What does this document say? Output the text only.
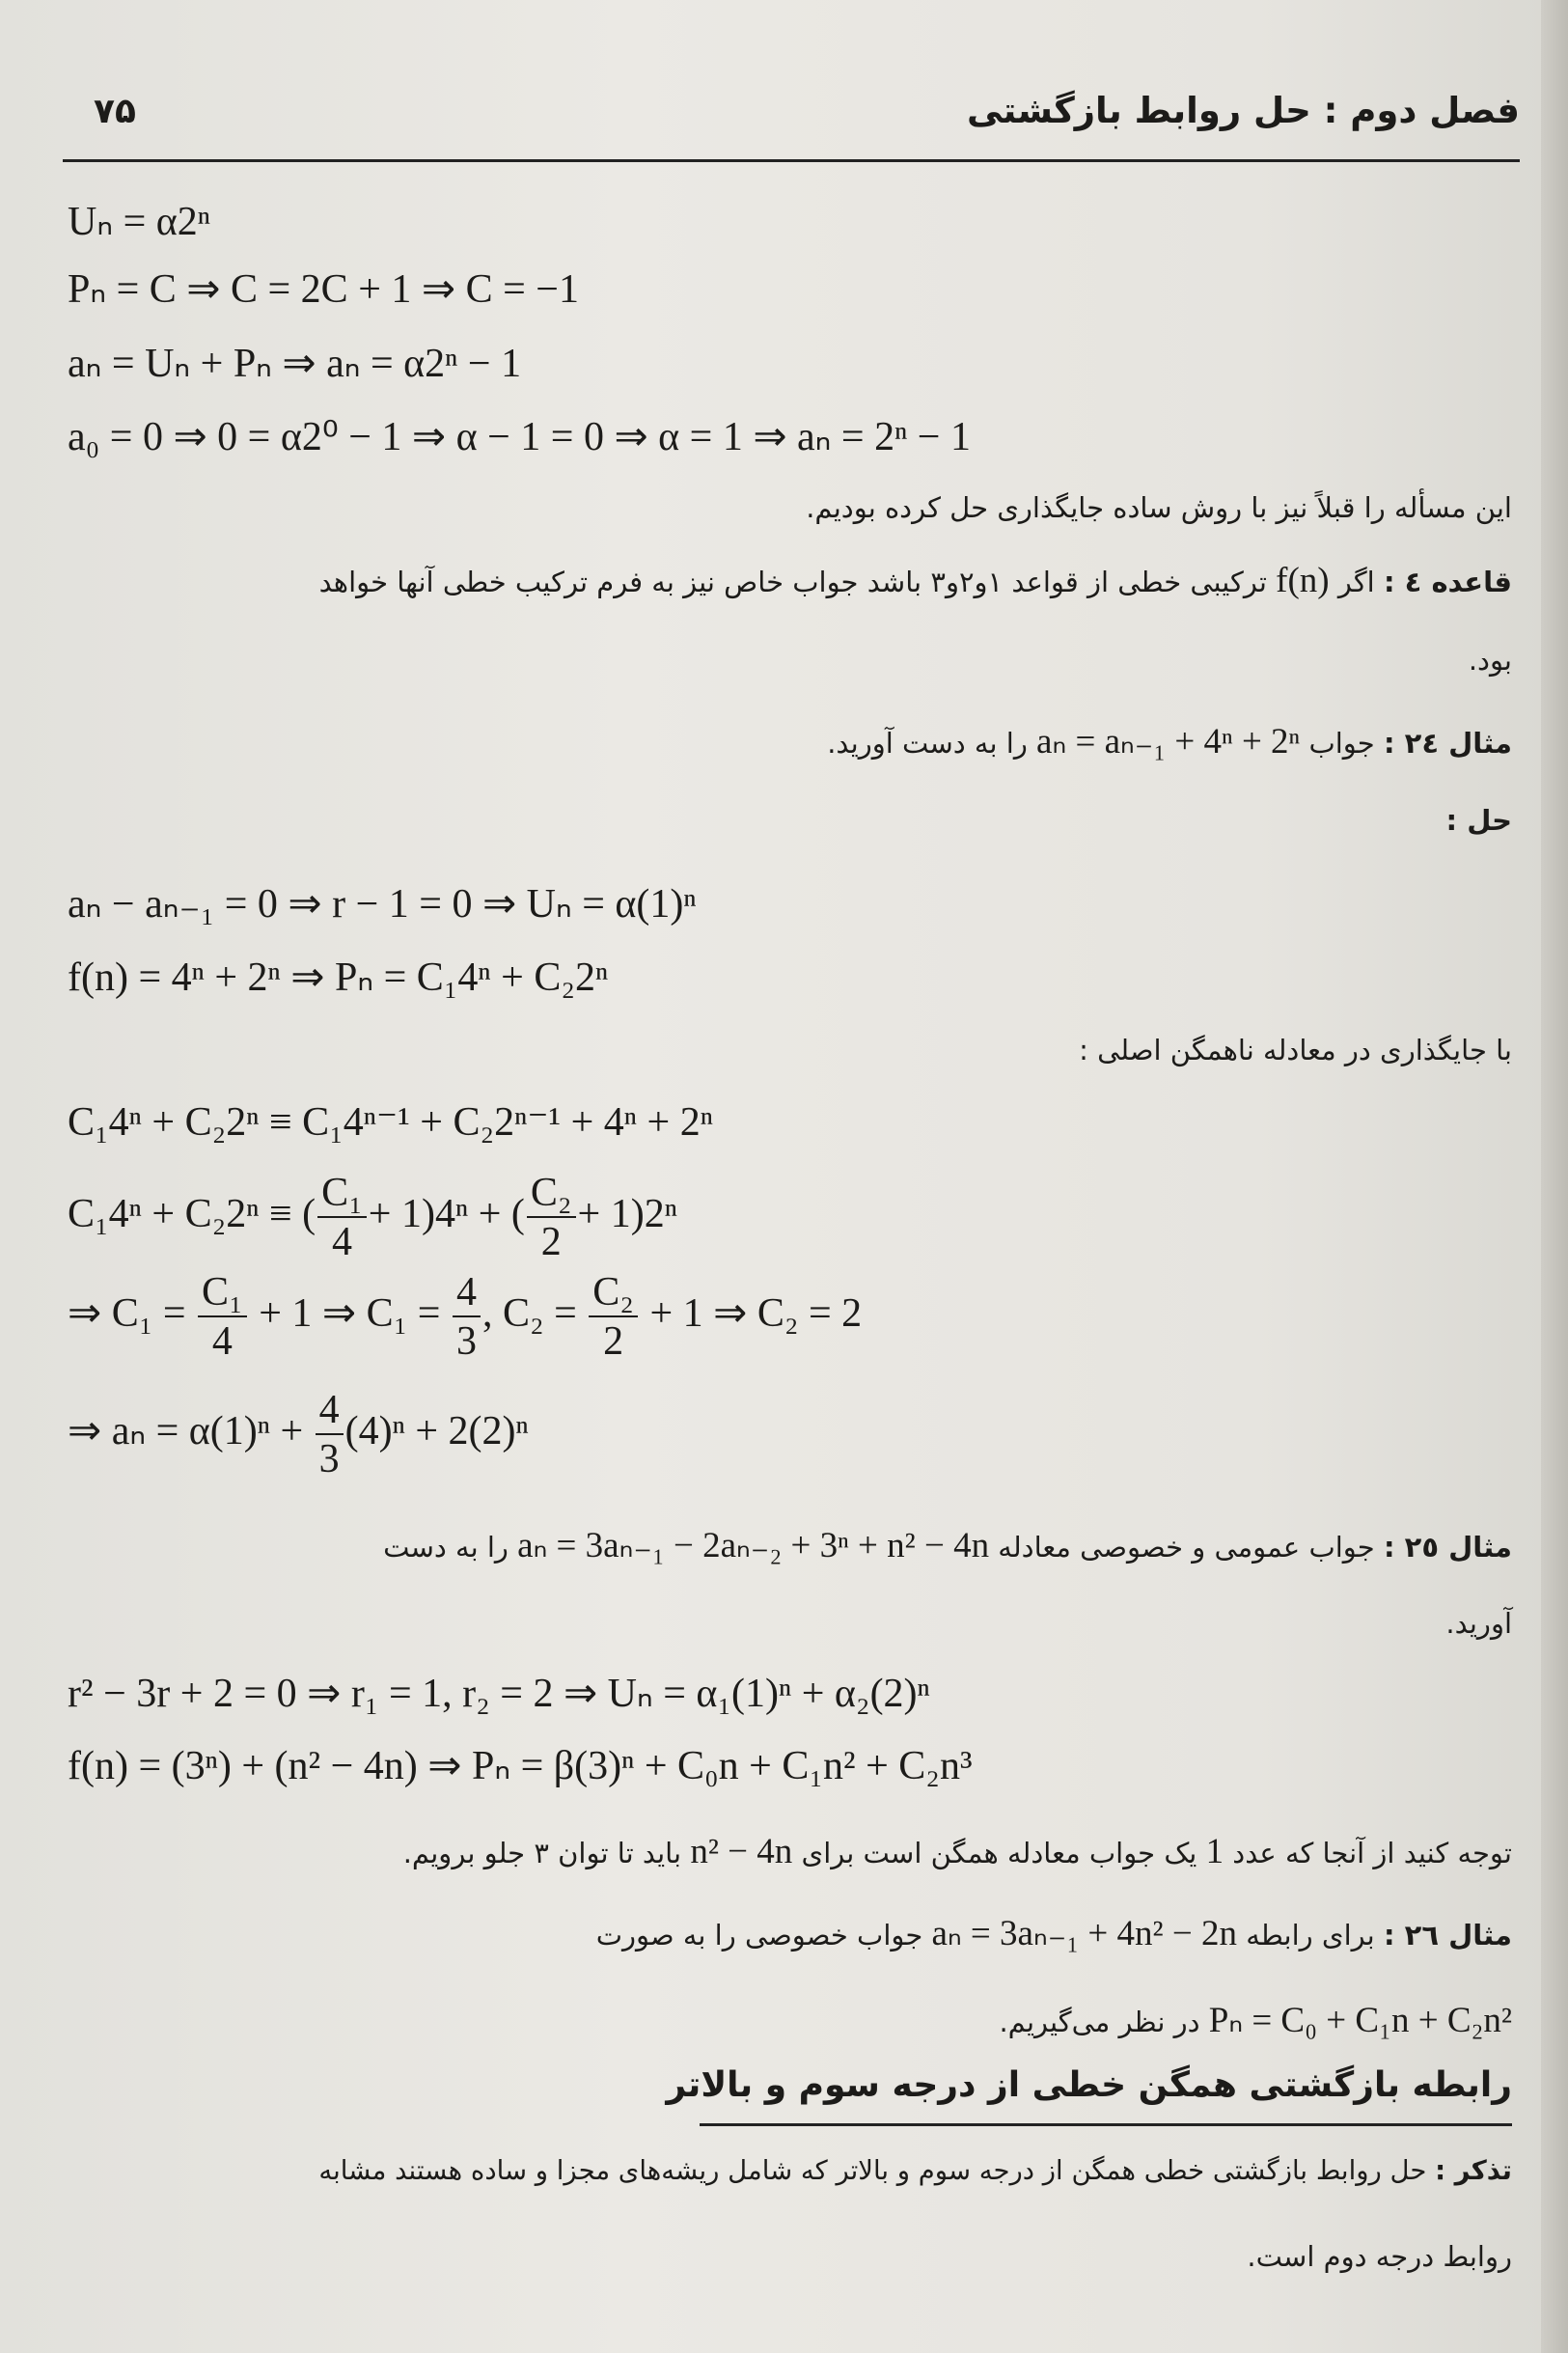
۷۵	فصل دوم : حل روابط بازگشتی
Uₙ = α2ⁿ
Pₙ = C ⇒ C = 2C + 1 ⇒ C = −1
aₙ = Uₙ + Pₙ ⇒ aₙ = α2ⁿ − 1
a₀ = 0 ⇒ 0 = α2⁰ − 1 ⇒ α − 1 = 0 ⇒ α = 1 ⇒ aₙ = 2ⁿ − 1
این مسأله را قبلاً نیز با روش ساده جایگذاری حل کرده بودیم.
قاعده ٤ : اگر f(n) ترکیبی خطی از قواعد ۱و۲و۳ باشد جواب خاص نیز به فرم ترکیب خطی آنها خواهد
بود.
مثال ٢٤ : جواب aₙ = aₙ₋₁ + 4ⁿ + 2ⁿ را به دست آورید.
حل :
aₙ − aₙ₋₁ = 0 ⇒ r − 1 = 0 ⇒ Uₙ = α(1)ⁿ
f(n) = 4ⁿ + 2ⁿ ⇒ Pₙ = C₁4ⁿ + C₂2ⁿ
با جایگذاری در معادله ناهمگن اصلی :
C₁4ⁿ + C₂2ⁿ ≡ C₁4ⁿ⁻¹ + C₂2ⁿ⁻¹ + 4ⁿ + 2ⁿ
C₁4ⁿ + C₂2ⁿ ≡ ( $\frac{\text{C₁}}{4} + 1)4^n$ + ( $\frac{\text{C₂}}{2} + 1)2^n$
⇒ $C_1 = \frac{\text{C₁}}{4} + 1$ ⇒ $C_1 = \frac{4}{3}$ , $C_2 = \frac{\text{C₂}}{2} + 1$ ⇒ C₂ = 2
⇒ $a_n = \alpha(1)^n + \frac{4}{3} (4)^n + 2(2)^n$
مثال ٢٥ : جواب عمومی و خصوصی معادله aₙ = 3aₙ₋₁ − 2aₙ₋₂ + 3ⁿ + n² − 4n را به دست
آورید.
r² − 3r + 2 = 0 ⇒ r₁ = 1, r₂ = 2 ⇒ Uₙ = α₁(1)ⁿ + α₂(2)ⁿ
f(n) = (3ⁿ) + (n² − 4n) ⇒ Pₙ = β(3)ⁿ + C₀n + C₁n² + C₂n³
توجه کنید از آنجا که عدد 1 یک جواب معادله همگن است برای n² − 4n باید تا توان ۳ جلو برویم.
مثال ٢٦ : برای رابطه aₙ = 3aₙ₋₁ + 4n² − 2n جواب خصوصی را به صورت
Pₙ = C₀ + C₁n + C₂n² در نظر می‌گیریم.
رابطه بازگشتی همگن خطی از درجه سوم و بالاتر
تذکر : حل روابط بازگشتی خطی همگن از درجه سوم و بالاتر که شامل ریشه‌های مجزا و ساده هستند مشابه
روابط درجه دوم است.
